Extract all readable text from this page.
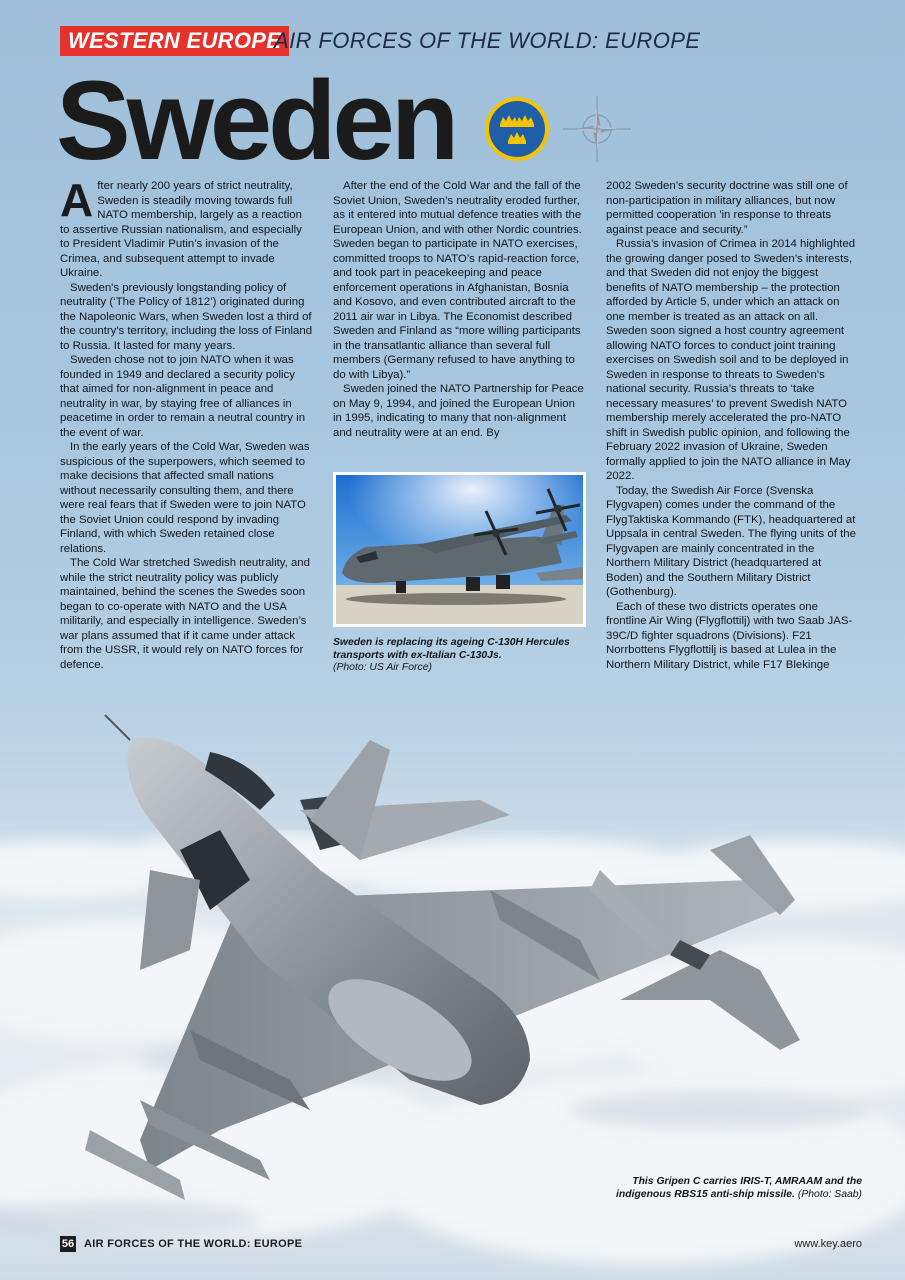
WESTERN EUROPE
AIR FORCES OF THE WORLD: EUROPE
Sweden

After nearly 200 years of strict neutrality, Sweden is steadily moving towards full NATO membership, largely as a reaction to assertive Russian nationalism, and especially to President Vladimir Putin’s invasion of the Crimea, and subsequent attempt to invade Ukraine.

Sweden's previously longstanding policy of neutrality (‘The Policy of 1812’) originated during the Napoleonic Wars, when Sweden lost a third of the country's territory, including the loss of Finland to Russia. It lasted for many years.

Sweden chose not to join NATO when it was founded in 1949 and declared a security policy that aimed for non-alignment in peace and neutrality in war, by staying free of alliances in peacetime in order to remain a neutral country in the event of war.

In the early years of the Cold War, Sweden was suspicious of the superpowers, which seemed to make decisions that affected small nations without necessarily consulting them, and there were real fears that if Sweden were to join NATO the Soviet Union could respond by invading Finland, with which Sweden retained close relations.

The Cold War stretched Swedish neutrality, and while the strict neutrality policy was publicly maintained, behind the scenes the Swedes soon began to co-operate with NATO and the USA militarily, and especially in intelligence. Sweden’s war plans assumed that if it came under attack from the USSR, it would rely on NATO forces for defence.

After the end of the Cold War and the fall of the Soviet Union, Sweden’s neutrality eroded further, as it entered into mutual defence treaties with the European Union, and with other Nordic countries. Sweden began to participate in NATO exercises, committed troops to NATO’s rapid-reaction force, and took part in peacekeeping and peace enforcement operations in Afghanistan, Bosnia and Kosovo, and even contributed aircraft to the 2011 air war in Libya. The Economist described Sweden and Finland as “more willing participants in the transatlantic alliance than several full members (Germany refused to have anything to do with Libya).”

Sweden joined the NATO Partnership for Peace on May 9, 1994, and joined the European Union in 1995, indicating to many that non-alignment and neutrality were at an end. By

2002 Sweden’s security doctrine was still one of non-participation in military alliances, but now permitted cooperation 'in response to threats against peace and security.”

Russia’s invasion of Crimea in 2014 highlighted the growing danger posed to Sweden’s interests, and that Sweden did not enjoy the biggest benefits of NATO membership – the protection afforded by Article 5, under which an attack on one member is treated as an attack on all. Sweden soon signed a host country agreement allowing NATO forces to conduct joint training exercises on Swedish soil and to be deployed in Sweden in response to threats to Sweden's national security. Russia’s threats to ‘take necessary measures’ to prevent Swedish NATO membership merely accelerated the pro-NATO shift in Swedish public opinion, and following the February 2022 invasion of Ukraine, Sweden formally applied to join the NATO alliance in May 2022.

Today, the Swedish Air Force (Svenska Flygvapen) comes under the command of the FlygTaktiska Kommando (FTK), headquartered at Uppsala in central Sweden. The flying units of the Flygvapen are mainly concentrated in the Northern Military District (headquartered at Boden) and the Southern Military District (Gothenburg).

Each of these two districts operates one frontline Air Wing (Flygflottilj) with two Saab JAS-39C/D fighter squadrons (Divisions). F21 Norrbottens Flygflottilj is based at Lulea in the Northern Military District, while F17 Blekinge

Sweden is replacing its ageing C-130H Hercules transports with ex-Italian C-130Js.
(Photo: US Air Force)
This Gripen C carries IRIS-T, AMRAAM and the indigenous RBS15 anti-ship missile. (Photo: Saab)
56 AIR FORCES OF THE WORLD: EUROPE	www.key.aero
